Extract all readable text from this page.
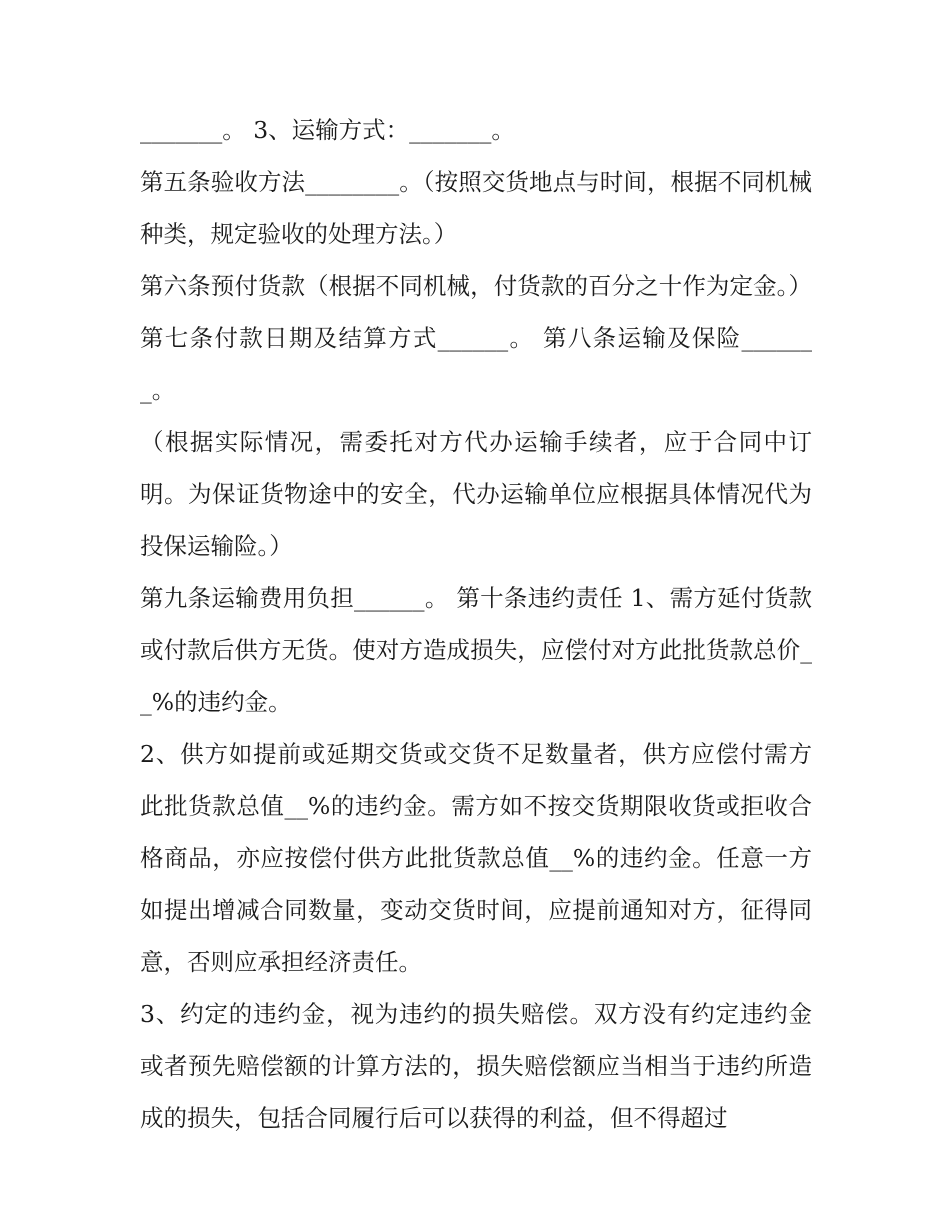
_______。 3、运输方式：_______。

第五条验收方法________。（按照交货地点与时间，根据不同机械种类，规定验收的处理方法。）

第六条预付货款（根据不同机械，付货款的百分之十作为定金。） 第七条付款日期及结算方式______。 第八条运输及保险_______。

（根据实际情况，需委托对方代办运输手续者，应于合同中订明。为保证货物途中的安全，代办运输单位应根据具体情况代为投保运输险。）

第九条运输费用负担______。 第十条违约责任 1、需方延付货款或付款后供方无货。使对方造成损失，应偿付对方此批货款总价__%的违约金。

2、供方如提前或延期交货或交货不足数量者，供方应偿付需方此批货款总值__%的违约金。需方如不按交货期限收货或拒收合格商品，亦应按偿付供方此批货款总值__%的违约金。任意一方如提出增减合同数量，变动交货时间，应提前通知对方，征得同意，否则应承担经济责任。

3、约定的违约金，视为违约的损失赔偿。双方没有约定违约金或者预先赔偿额的计算方法的，损失赔偿额应当相当于违约所造成的损失，包括合同履行后可以获得的利益，但不得超过
